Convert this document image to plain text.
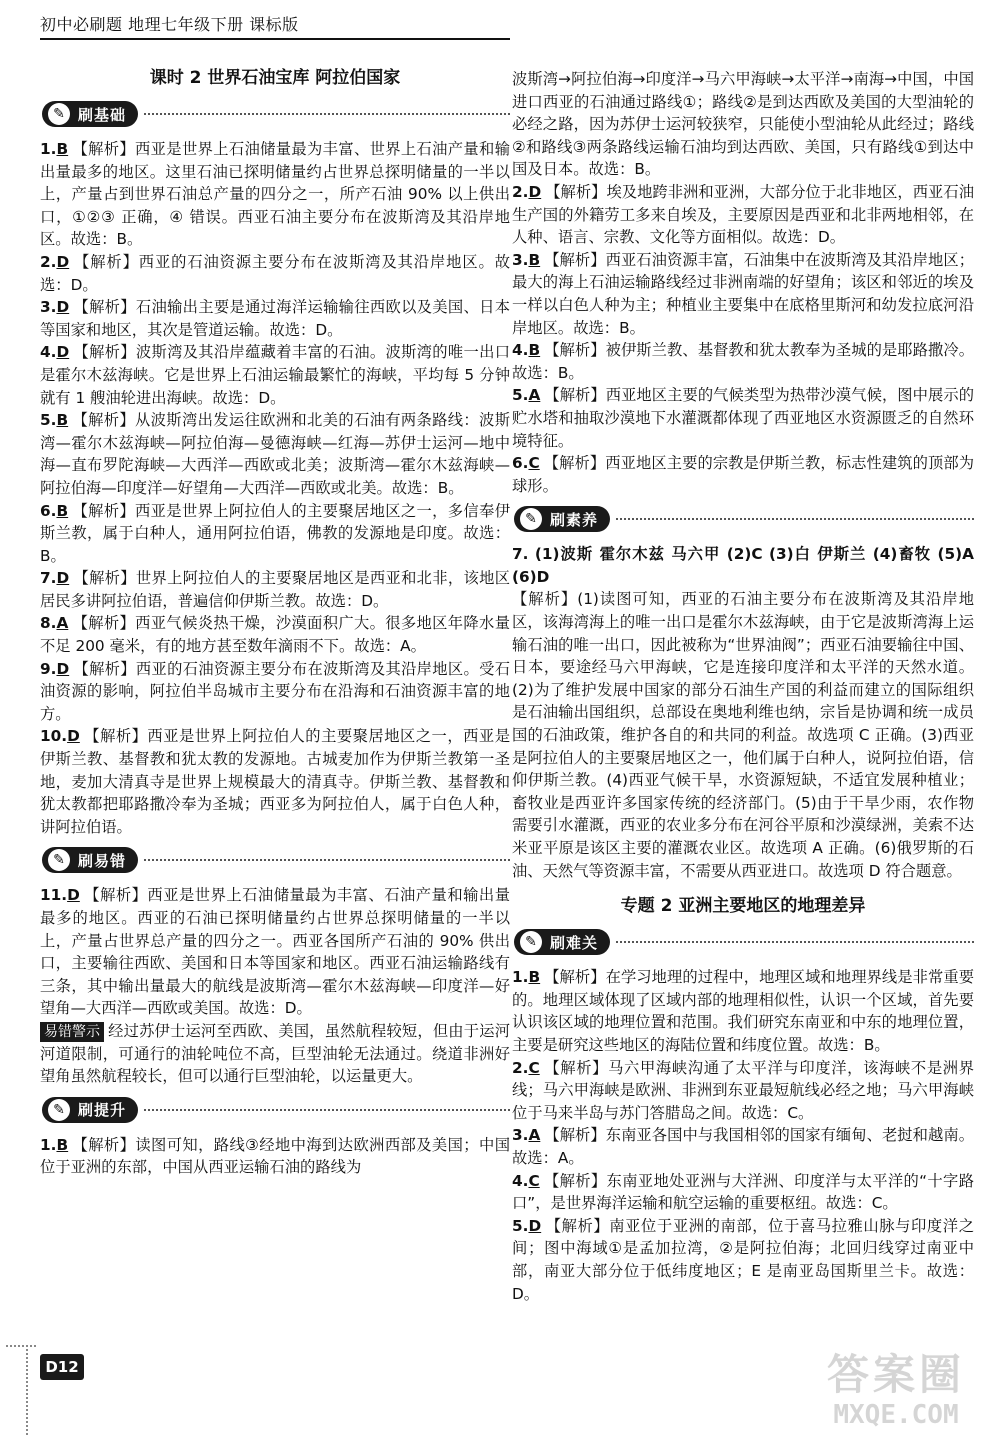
初中必刷题 地理七年级下册 课标版
课时 2 世界石油宝库 阿拉伯国家
✎ 刷基础
1.B 【解析】西亚是世界上石油储量最为丰富、世界上石油产量和输出量最多的地区。这里石油已探明储量约占世界总探明储量的一半以上，产量占到世界石油总产量的四分之一，所产石油 90% 以上供出口，①②③ 正确，④ 错误。西亚石油主要分布在波斯湾及其沿岸地区。故选：B。
2.D 【解析】西亚的石油资源主要分布在波斯湾及其沿岸地区。故选：D。
3.D 【解析】石油输出主要是通过海洋运输输往西欧以及美国、日本等国家和地区，其次是管道运输。故选：D。
4.D 【解析】波斯湾及其沿岸蕴藏着丰富的石油。波斯湾的唯一出口是霍尔木兹海峡。它是世界上石油运输最繁忙的海峡，平均每 5 分钟就有 1 艘油轮进出海峡。故选：D。
5.B 【解析】从波斯湾出发运往欧洲和北美的石油有两条路线：波斯湾—霍尔木兹海峡—阿拉伯海—曼德海峡—红海—苏伊士运河—地中海—直布罗陀海峡—大西洋—西欧或北美；波斯湾—霍尔木兹海峡—阿拉伯海—印度洋—好望角—大西洋—西欧或北美。故选：B。
6.B 【解析】西亚是世界上阿拉伯人的主要聚居地区之一，多信奉伊斯兰教，属于白种人，通用阿拉伯语，佛教的发源地是印度。故选：B。
7.D 【解析】世界上阿拉伯人的主要聚居地区是西亚和北非，该地区居民多讲阿拉伯语，普遍信仰伊斯兰教。故选：D。
8.A 【解析】西亚气候炎热干燥，沙漠面积广大。很多地区年降水量不足 200 毫米，有的地方甚至数年滴雨不下。故选：A。
9.D 【解析】西亚的石油资源主要分布在波斯湾及其沿岸地区。受石油资源的影响，阿拉伯半岛城市主要分布在沿海和石油资源丰富的地方。
10.D 【解析】西亚是世界上阿拉伯人的主要聚居地区之一，西亚是伊斯兰教、基督教和犹太教的发源地。古城麦加作为伊斯兰教第一圣地，麦加大清真寺是世界上规模最大的清真寺。伊斯兰教、基督教和犹太教都把耶路撒冷奉为圣城；西亚多为阿拉伯人，属于白色人种，讲阿拉伯语。
✎ 刷易错
11.D 【解析】西亚是世界上石油储量最为丰富、石油产量和输出量最多的地区。西亚的石油已探明储量约占世界总探明储量的一半以上，产量占世界总产量的四分之一。西亚各国所产石油的 90% 供出口，主要输往西欧、美国和日本等国家和地区。西亚石油运输路线有三条，其中输出量最大的航线是波斯湾—霍尔木兹海峡—印度洋—好望角—大西洋—西欧或美国。故选：D。
易错警示 经过苏伊士运河至西欧、美国，虽然航程较短，但由于运河河道限制，可通行的油轮吨位不高，巨型油轮无法通过。绕道非洲好望角虽然航程较长，但可以通行巨型油轮，以运量更大。
✎ 刷提升
1.B 【解析】读图可知，路线③经地中海到达欧洲西部及美国；中国位于亚洲的东部，中国从西亚运输石油的路线为
波斯湾→阿拉伯海→印度洋→马六甲海峡→太平洋→南海→中国，中国进口西亚的石油通过路线①；路线②是到达西欧及美国的大型油轮的必经之路，因为苏伊士运河较狭窄，只能使小型油轮从此经过；路线②和路线③两条路线运输石油均到达西欧、美国，只有路线①到达中国及日本。故选：B。
2.D 【解析】埃及地跨非洲和亚洲，大部分位于北非地区，西亚石油生产国的外籍劳工多来自埃及，主要原因是西亚和北非两地相邻，在人种、语言、宗教、文化等方面相似。故选：D。
3.B 【解析】西亚石油资源丰富，石油集中在波斯湾及其沿岸地区；最大的海上石油运输路线经过非洲南端的好望角；该区和邻近的埃及一样以白色人种为主；种植业主要集中在底格里斯河和幼发拉底河沿岸地区。故选：B。
4.B 【解析】被伊斯兰教、基督教和犹太教奉为圣城的是耶路撒冷。故选：B。
5.A 【解析】西亚地区主要的气候类型为热带沙漠气候，图中展示的贮水塔和抽取沙漠地下水灌溉都体现了西亚地区水资源匮乏的自然环境特征。
6.C 【解析】西亚地区主要的宗教是伊斯兰教，标志性建筑的顶部为球形。
✎ 刷素养
7. (1)波斯 霍尔木兹 马六甲 (2)C (3)白 伊斯兰 (4)畜牧 (5)A (6)D
【解析】(1)读图可知，西亚的石油主要分布在波斯湾及其沿岸地区，该海湾海上的唯一出口是霍尔木兹海峡，由于它是波斯湾海上运输石油的唯一出口，因此被称为“世界油阀”；西亚石油要输往中国、日本，要途经马六甲海峡，它是连接印度洋和太平洋的天然水道。(2)为了维护发展中国家的部分石油生产国的利益而建立的国际组织是石油输出国组织，总部设在奥地利维也纳，宗旨是协调和统一成员国的石油政策，维护各自的和共同的利益。故选项 C 正确。(3)西亚是阿拉伯人的主要聚居地区之一，他们属于白种人，说阿拉伯语，信仰伊斯兰教。(4)西亚气候干旱，水资源短缺，不适宜发展种植业；畜牧业是西亚许多国家传统的经济部门。(5)由于干旱少雨，农作物需要引水灌溉，西亚的农业多分布在河谷平原和沙漠绿洲，美索不达米亚平原是该区主要的灌溉农业区。故选项 A 正确。(6)俄罗斯的石油、天然气等资源丰富，不需要从西亚进口。故选项 D 符合题意。
专题 2 亚洲主要地区的地理差异
✎ 刷难关
1.B 【解析】在学习地理的过程中，地理区域和地理界线是非常重要的。地理区域体现了区域内部的地理相似性，认识一个区域，首先要认识该区域的地理位置和范围。我们研究东南亚和中东的地理位置，主要是研究这些地区的海陆位置和纬度位置。故选：B。
2.C 【解析】马六甲海峡沟通了太平洋与印度洋，该海峡不是洲界线；马六甲海峡是欧洲、非洲到东亚最短航线必经之地；马六甲海峡位于马来半岛与苏门答腊岛之间。故选：C。
3.A 【解析】东南亚各国中与我国相邻的国家有缅甸、老挝和越南。故选：A。
4.C 【解析】东南亚地处亚洲与大洋洲、印度洋与太平洋的“十字路口”，是世界海洋运输和航空运输的重要枢纽。故选：C。
5.D 【解析】南亚位于亚洲的南部，位于喜马拉雅山脉与印度洋之间；图中海域①是孟加拉湾，②是阿拉伯海；北回归线穿过南亚中部，南亚大部分位于低纬度地区；E 是南亚岛国斯里兰卡。故选：D。
D12	答案圈
MXQE.COM
